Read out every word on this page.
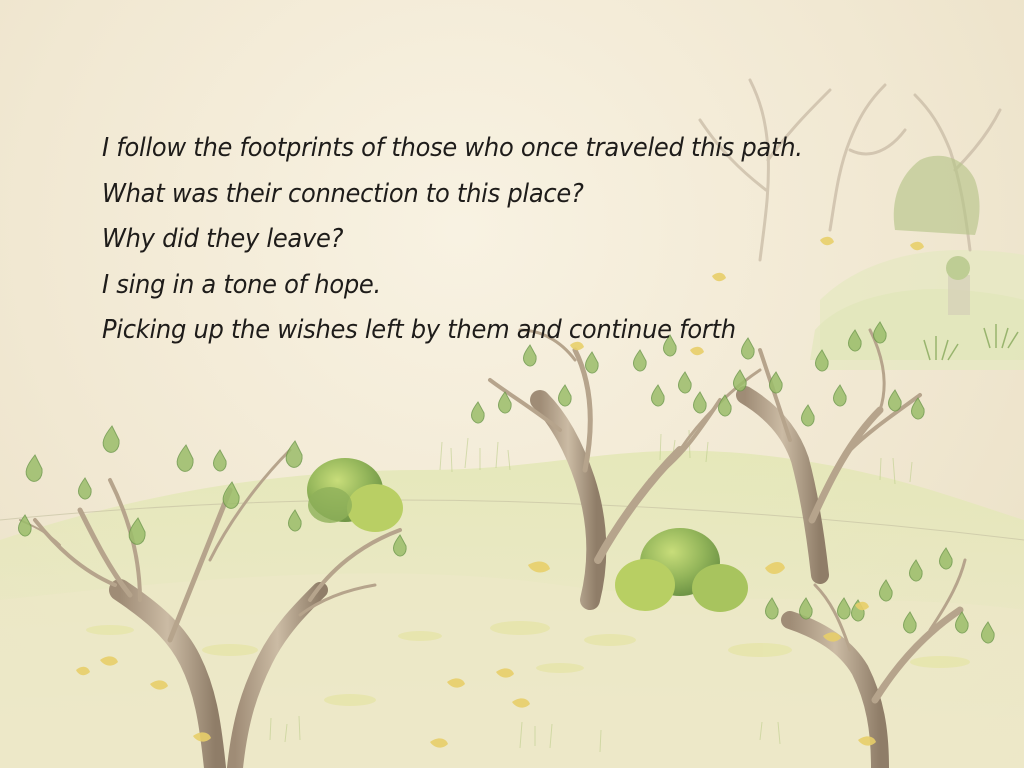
I follow the footprints of those who once traveled this path.
What was their connection to this place?
Why did they leave?
I sing in a tone of hope.
Picking up the wishes left by them and continue forth
